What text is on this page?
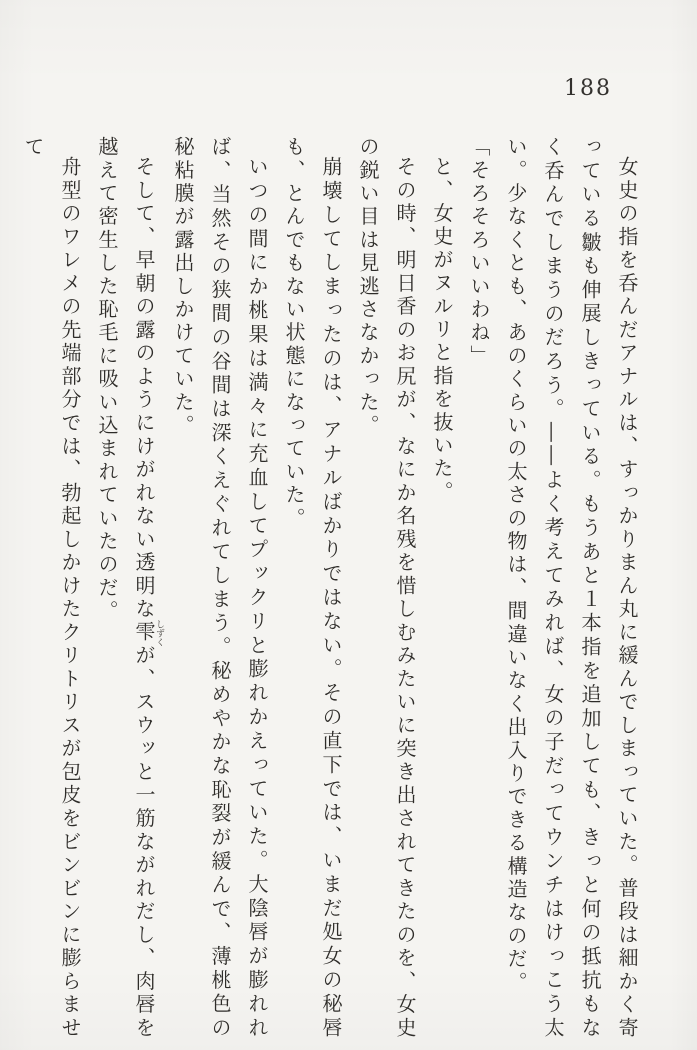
188

女史の指を呑んだアナルは、すっかりまん丸に緩んでしまっていた。普段は細かく寄っている皺も伸展しきっている。もうあと１本指を追加しても、きっと何の抵抗もなく呑んでしまうのだろう。――よく考えてみれば、女の子だってウンチはけっこう太い。少なくとも、あのくらいの太さの物は、間違いなく出入りできる構造なのだ。

「そろそろいいわね」

と、女史がヌルリと指を抜いた。

その時、明日香のお尻が、なにか名残を惜しむみたいに突き出されてきたのを、女史の鋭い目は見逃さなかった。

崩壊してしまったのは、アナルばかりではない。その直下では、いまだ処女の秘唇も、とんでもない状態になっていた。

いつの間にか桃果は満々に充血してプックリと膨れかえっていた。大陰唇が膨れれば、当然その狭間の谷間は深くえぐれてしまう。秘めやかな恥裂が緩んで、薄桃色の秘粘膜が露出しかけていた。

そして、早朝の露のようにけがれない透明な雫しずくが、スウッと一筋ながれだし、肉唇を越えて密生した恥毛に吸い込まれていたのだ。

舟型のワレメの先端部分では、勃起しかけたクリトリスが包皮をビンビンに膨らませて
